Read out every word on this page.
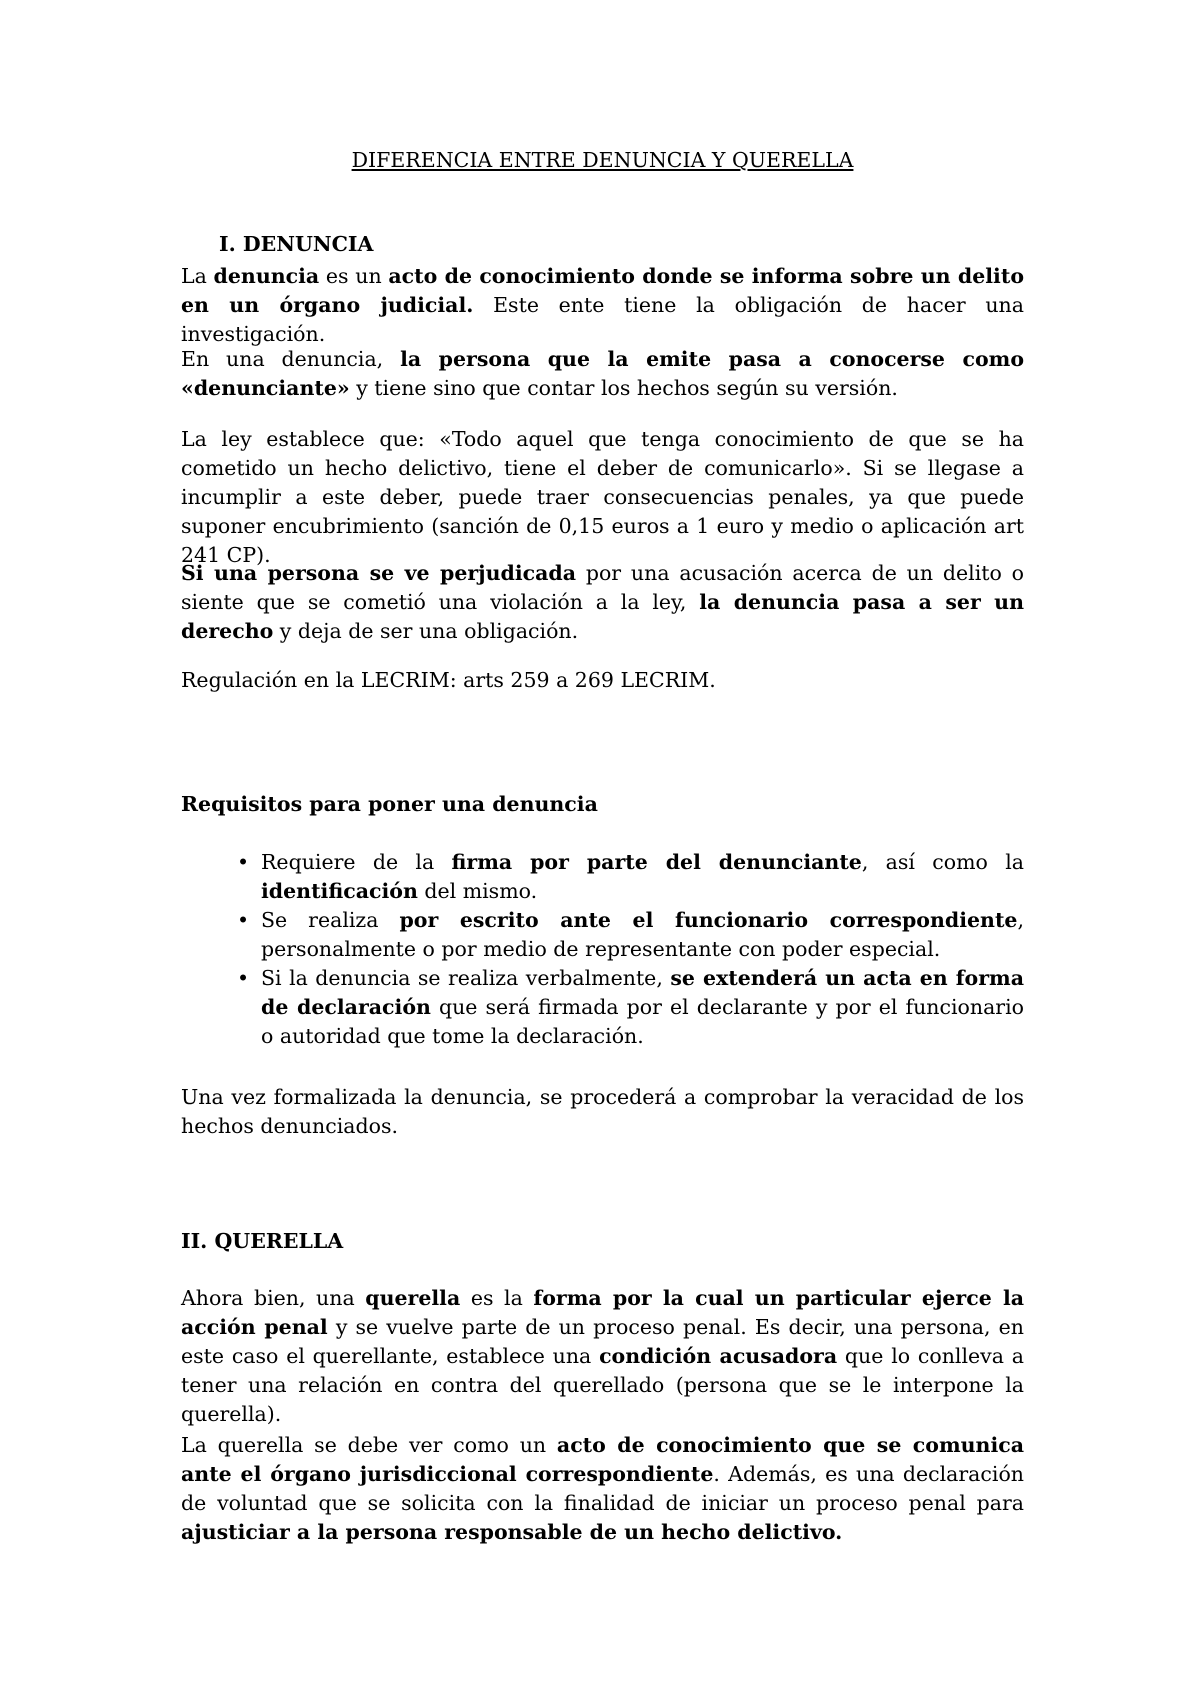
DIFERENCIA ENTRE DENUNCIA Y QUERELLA
I. DENUNCIA
La denuncia es un acto de conocimiento donde se informa sobre un delito en un órgano judicial. Este ente tiene la obligación de hacer una investigación.
En una denuncia, la persona que la emite pasa a conocerse como «denunciante» y tiene sino que contar los hechos según su versión.
La ley establece que: «Todo aquel que tenga conocimiento de que se ha cometido un hecho delictivo, tiene el deber de comunicarlo». Si se llegase a incumplir a este deber, puede traer consecuencias penales, ya que puede suponer encubrimiento (sanción de 0,15 euros a 1 euro y medio o aplicación art 241 CP).
Si una persona se ve perjudicada por una acusación acerca de un delito o siente que se cometió una violación a la ley, la denuncia pasa a ser un derecho y deja de ser una obligación.
Regulación en la LECRIM: arts 259 a 269 LECRIM.
Requisitos para poner una denuncia
• Requiere de la firma por parte del denunciante, así como la identificación del mismo.
• Se realiza por escrito ante el funcionario correspondiente, personalmente o por medio de representante con poder especial.
• Si la denuncia se realiza verbalmente, se extenderá un acta en forma de declaración que será firmada por el declarante y por el funcionario o autoridad que tome la declaración.
Una vez formalizada la denuncia, se procederá a comprobar la veracidad de los hechos denunciados.
II. QUERELLA
Ahora bien, una querella es la forma por la cual un particular ejerce la acción penal y se vuelve parte de un proceso penal. Es decir, una persona, en este caso el querellante, establece una condición acusadora que lo conlleva a tener una relación en contra del querellado (persona que se le interpone la querella).
La querella se debe ver como un acto de conocimiento que se comunica ante el órgano jurisdiccional correspondiente. Además, es una declaración de voluntad que se solicita con la finalidad de iniciar un proceso penal para ajusticiar a la persona responsable de un hecho delictivo.
